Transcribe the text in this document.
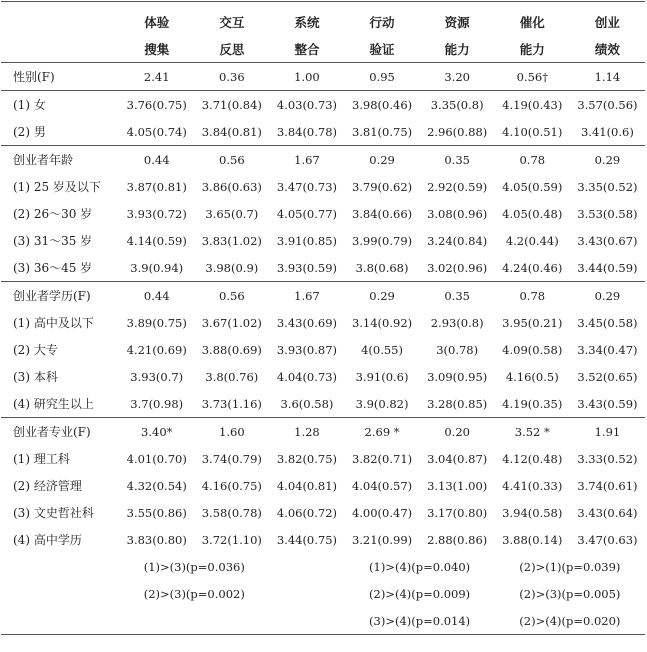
	体验	交互	系统	行动	资源	催化	创业
	搜集	反思	整合	验证	能力	能力	绩效
性别(F)	2.41	0.36	1.00	0.95	3.20	0.56†	1.14
(1) 女	3.76(0.75)	3.71(0.84)	4.03(0.73)	3.98(0.46)	3.35(0.8)	4.19(0.43)	3.57(0.56)
(2) 男	4.05(0.74)	3.84(0.81)	3.84(0.78)	3.81(0.75)	2.96(0.88)	4.10(0.51)	3.41(0.6)
创业者年龄	0.44	0.56	1.67	0.29	0.35	0.78	0.29
(1) 25 岁及以下	3.87(0.81)	3.86(0.63)	3.47(0.73)	3.79(0.62)	2.92(0.59)	4.05(0.59)	3.35(0.52)
(2) 26～30 岁	3.93(0.72)	3.65(0.7)	4.05(0.77)	3.84(0.66)	3.08(0.96)	4.05(0.48)	3.53(0.58)
(3) 31～35 岁	4.14(0.59)	3.83(1.02)	3.91(0.85)	3.99(0.79)	3.24(0.84)	4.2(0.44)	3.43(0.67)
(3) 36～45 岁	3.9(0.94)	3.98(0.9)	3.93(0.59)	3.8(0.68)	3.02(0.96)	4.24(0.46)	3.44(0.59)
创业者学历(F)	0.44	0.56	1.67	0.29	0.35	0.78	0.29
(1) 高中及以下	3.89(0.75)	3.67(1.02)	3.43(0.69)	3.14(0.92)	2.93(0.8)	3.95(0.21)	3.45(0.58)
(2) 大专	4.21(0.69)	3.88(0.69)	3.93(0.87)	4(0.55)	3(0.78)	4.09(0.58)	3.34(0.47)
(3) 本科	3.93(0.7)	3.8(0.76)	4.04(0.73)	3.91(0.6)	3.09(0.95)	4.16(0.5)	3.52(0.65)
(4) 研究生以上	3.7(0.98)	3.73(1.16)	3.6(0.58)	3.9(0.82)	3.28(0.85)	4.19(0.35)	3.43(0.59)
创业者专业(F)	3.40*	1.60	1.28	2.69 *	0.20	3.52 *	1.91
(1) 理工科	4.01(0.70)	3.74(0.79)	3.82(0.75)	3.82(0.71)	3.04(0.87)	4.12(0.48)	3.33(0.52)
(2) 经济管理	4.32(0.54)	4.16(0.75)	4.04(0.81)	4.04(0.57)	3.13(1.00)	4.41(0.33)	3.74(0.61)
(3) 文史哲社科	3.55(0.86)	3.58(0.78)	4.06(0.72)	4.00(0.47)	3.17(0.80)	3.94(0.58)	3.43(0.64)
(4) 高中学历	3.83(0.80)	3.72(1.10)	3.44(0.75)	3.21(0.99)	2.88(0.86)	3.88(0.14)	3.47(0.63)
	(1)>(3)(p=0.036)			(1)>(4)(p=0.040)		(2)>(1)(p=0.039)	
	(2)>(3)(p=0.002)			(2)>(4)(p=0.009)		(2)>(3)(p=0.005)	
				(3)>(4)(p=0.014)		(2)>(4)(p=0.020)	
